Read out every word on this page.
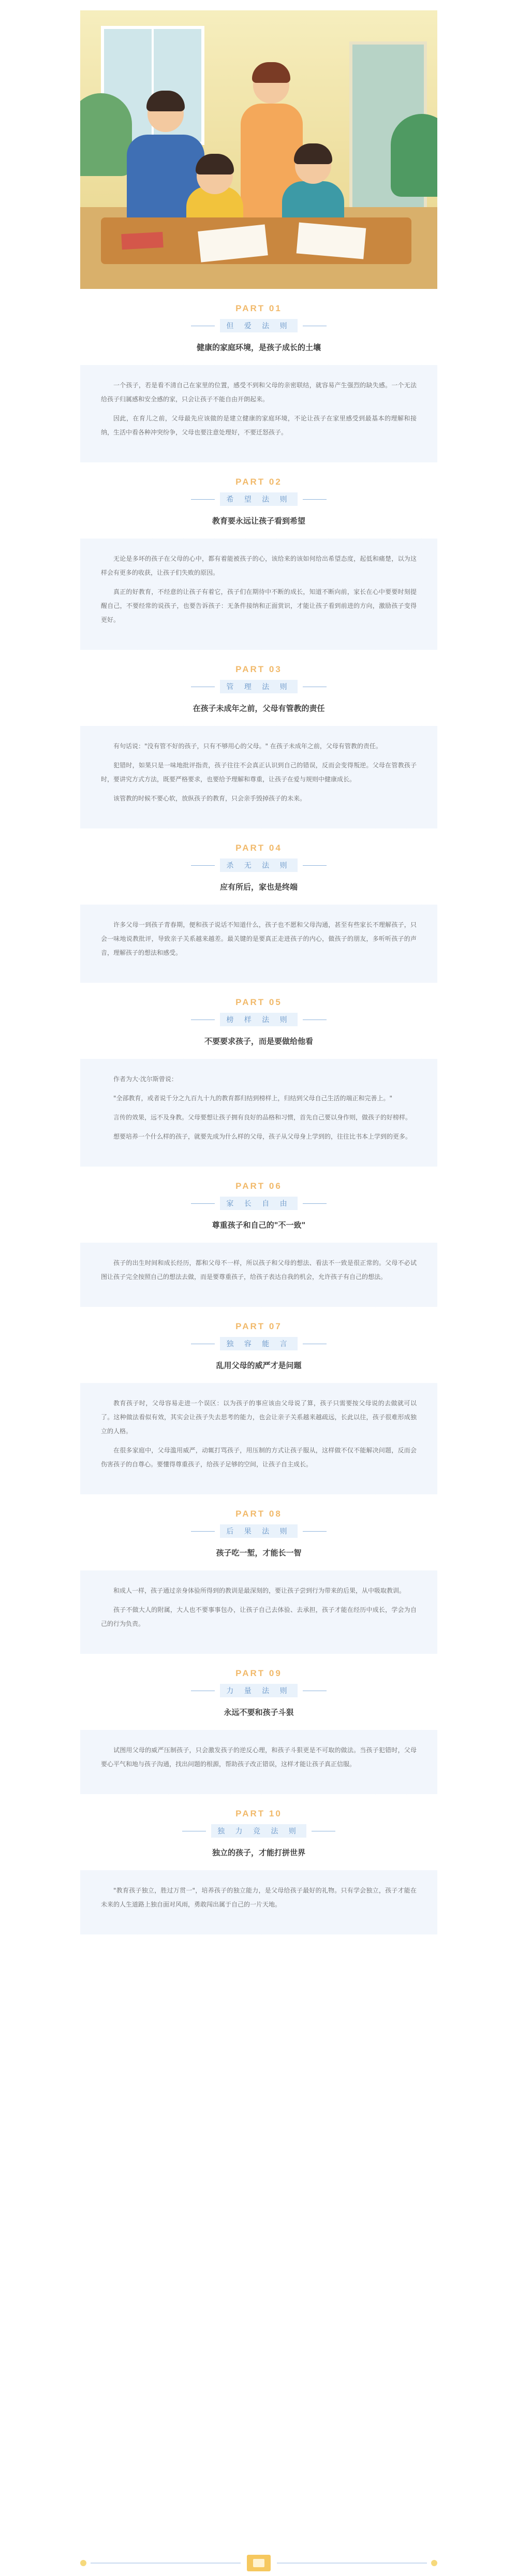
PART 01
但 爱 法 则
健康的家庭环境，是孩子成长的土壤

一个孩子，若是看不清自己在家里的位置，感受不到和父母的亲密联结，就容易产生强烈的缺失感。一个无法给孩子归属感和安全感的家，只会让孩子不能自由开朗起来。

因此，在育儿之前，父母最先应该做的是建立健康的家庭环境，不论让孩子在家里感受到最基本的理解和接纳，生活中看各种冲突纷争，父母也要注意处理好，不要迁怒孩子。

PART 02
希 望 法 则
教育要永远让孩子看到希望

无论是多坏的孩子在父母的心中，都有着能被孩子的心，该给来的该如何给出希望态度，起低和痛楚，以为这样会有更多的收获，让孩子们失败的原因。

真正的好教育，不经意的让孩子有着它，孩子们在期待中不断的成长，知道不断向前，家长在心中要要时刻提醒自己，不要经常的说孩子，也要告诉孩子：无条件接纳和正面赏识，才能让孩子看到前进的方向，激励孩子变得更好。

PART 03
管 理 法 则
在孩子未成年之前，父母有管教的责任

有句话说："没有管不好的孩子，只有不够用心的父母。" 在孩子未成年之前，父母有管教的责任。

犯错时，如果只是一味地批评指责，孩子往往不会真正认识到自己的错误，反而会变得叛逆。父母在管教孩子时，要讲究方式方法，既要严格要求，也要给予理解和尊重，让孩子在爱与规则中健康成长。

该管教的时候不要心软，放纵孩子的教育，只会亲手毁掉孩子的未来。

PART 04
杀 无 法 则
应有所后，家也是终端

许多父母一到孩子青春期，便和孩子说话不知道什么，孩子也不愿和父母沟通，甚至有些家长不理解孩子，只会一味地说教批评，导致亲子关系越来越差。最关键的是要真正走进孩子的内心，做孩子的朋友，多听听孩子的声音，理解孩子的想法和感受。

PART 05
榜 样 法 则
不要要求孩子，而是要做给他看

作者为大·沈尔斯曾说：

"全部教育，或者说千分之九百九十九的教育都归结到榜样上，归结到父母自己生活的端正和完善上。"

言传的效果，远不及身教。父母要想让孩子拥有良好的品格和习惯，首先自己要以身作则，做孩子的好榜样。

想要培养一个什么样的孩子，就要先成为什么样的父母，孩子从父母身上学到的，往往比书本上学到的更多。

PART 06
家 长 自 由
尊重孩子和自己的"不一致"

孩子的出生时间和成长经历，都和父母不一样，所以孩子和父母的想法、看法不一致是很正常的。父母不必试图让孩子完全按照自己的想法去做，而是要尊重孩子，给孩子表达自我的机会，允许孩子有自己的想法。

PART 07
独 容 能 言
乱用父母的威严才是问题

教育孩子时，父母容易走进一个误区：以为孩子的事应该由父母说了算，孩子只需要按父母说的去做就可以了。这种做法看似有效，其实会让孩子失去思考的能力，也会让亲子关系越来越疏远，长此以往，孩子很难形成独立的人格。

在很多家庭中，父母滥用威严，动辄打骂孩子，用压制的方式让孩子服从，这样做不仅不能解决问题，反而会伤害孩子的自尊心。要懂得尊重孩子，给孩子足够的空间，让孩子自主成长。

PART 08
后 果 法 则
孩子吃一堑，才能长一智

和成人一样，孩子通过亲身体验所得到的教训是最深刻的，要让孩子尝到行为带来的后果，从中吸取教训。

孩子不做大人的附属，大人也不要事事包办，让孩子自己去体验、去承担，孩子才能在经历中成长，学会为自己的行为负责。

PART 09
力 量 法 则
永远不要和孩子斗狠

试图用父母的威严压制孩子，只会激发孩子的逆反心理，和孩子斗狠更是不可取的做法。当孩子犯错时，父母要心平气和地与孩子沟通，找出问题的根源，帮助孩子改正错误，这样才能让孩子真正信服。

PART 10
独 力 竞 法 则
独立的孩子，才能打拼世界

"教育孩子独立，胜过万贯一"，培养孩子的独立能力，是父母给孩子最好的礼物。只有学会独立，孩子才能在未来的人生道路上独自面对风雨，勇敢闯出属于自己的一片天地。
